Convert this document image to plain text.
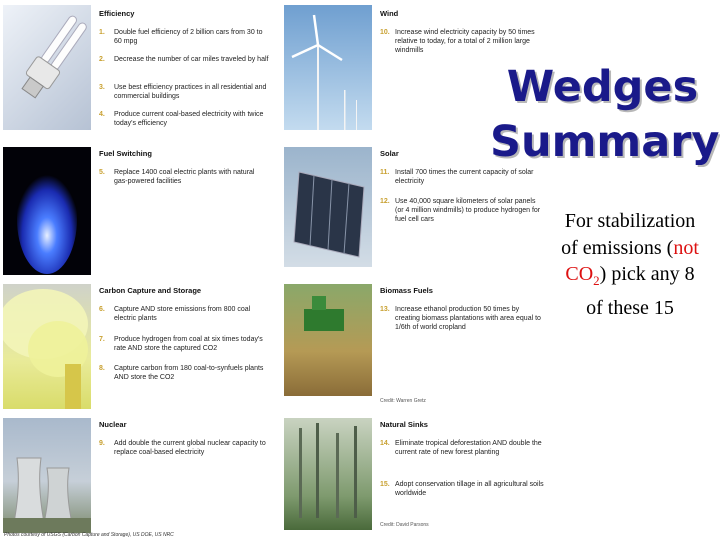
Efficiency
Fuel Switching
Carbon Capture and Storage
Nuclear
Wind
Solar
Biomass Fuels
Natural Sinks
1.	Double fuel efficiency of 2 billion cars from 30 to 60 mpg
2.	Decrease the number of car miles traveled by half
3.	Use best efficiency practices in all residential and commercial buildings
4.	Produce current coal-based electricity with twice today's efficiency
5.	Replace 1400 coal electric plants with natural gas-powered facilities
6.	Capture AND store emissions from 800 coal electric plants
7.	Produce hydrogen from coal at six times today's rate AND store the captured CO2
8.	Capture carbon from 180 coal-to-synfuels plants AND store the CO2
9.	Add double the current global nuclear capacity to replace coal-based electricity
10. Increase wind electricity capacity by 50 times relative to today, for a total of 2 million large windmills
11. Install 700 times the current capacity of solar electricity
12. Use 40,000 square kilometers of solar panels (or 4 million windmills) to produce hydrogen for fuel cell cars
13. Increase ethanol production 50 times by creating biomass plantations with area equal to 1/6th of world cropland
14. Eliminate tropical deforestation AND double the current rate of new forest planting
15. Adopt conservation tillage in all agricultural soils worldwide
Credit: Warren Gretz
Credit: David Parsons
Wedges
Summary
For stabilization of emissions (not $CO_2$) pick any 8 of these 15
Photos courtesy of USGS (Carbon Capture and Storage), US DOE, US NRC
